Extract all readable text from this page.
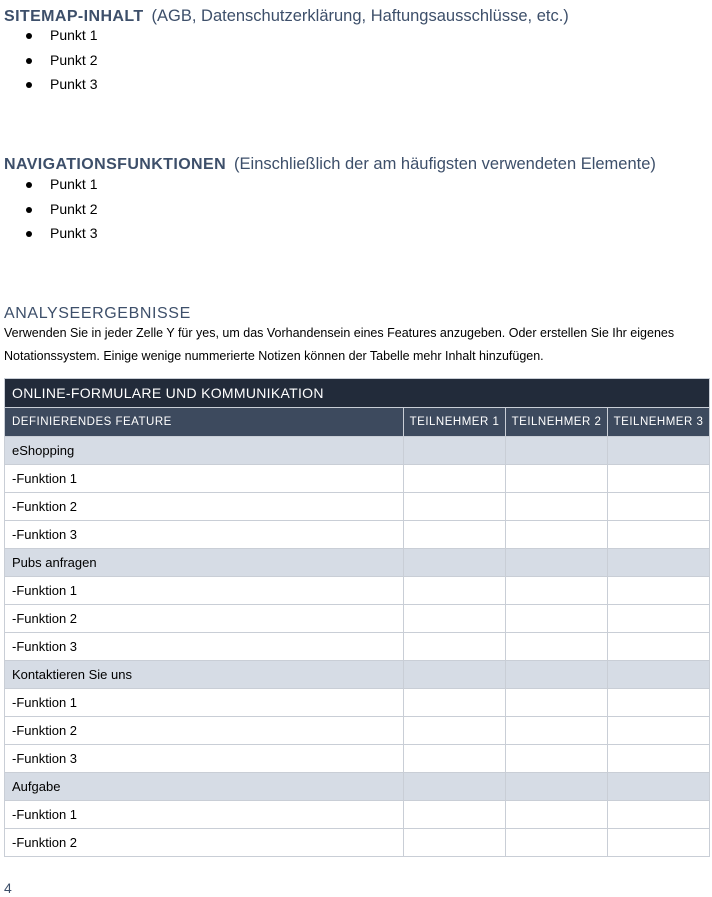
SITEMAP-INHALT (AGB, Datenschutzerklärung, Haftungsausschlüsse, etc.)
Punkt 1
Punkt 2
Punkt 3
NAVIGATIONSFUNKTIONEN (Einschließlich der am häufigsten verwendeten Elemente)
Punkt 1
Punkt 2
Punkt 3
ANALYSEERGEBNISSE

Verwenden Sie in jeder Zelle Y für yes, um das Vorhandensein eines Features anzugeben. Oder erstellen Sie Ihr eigenes Notationssystem. Einige wenige nummerierte Notizen können der Tabelle mehr Inhalt hinzufügen.

ONLINE-FORMULARE UND KOMMUNIKATION			
DEFINIERENDES FEATURE	TEILNEHMER 1	TEILNEHMER 2	TEILNEHMER 3
eShopping			
-Funktion 1			
-Funktion 2			
-Funktion 3			
Pubs anfragen			
-Funktion 1			
-Funktion 2			
-Funktion 3			
Kontaktieren Sie uns			
-Funktion 1			
-Funktion 2			
-Funktion 3			
Aufgabe			
-Funktion 1			
-Funktion 2			
4
